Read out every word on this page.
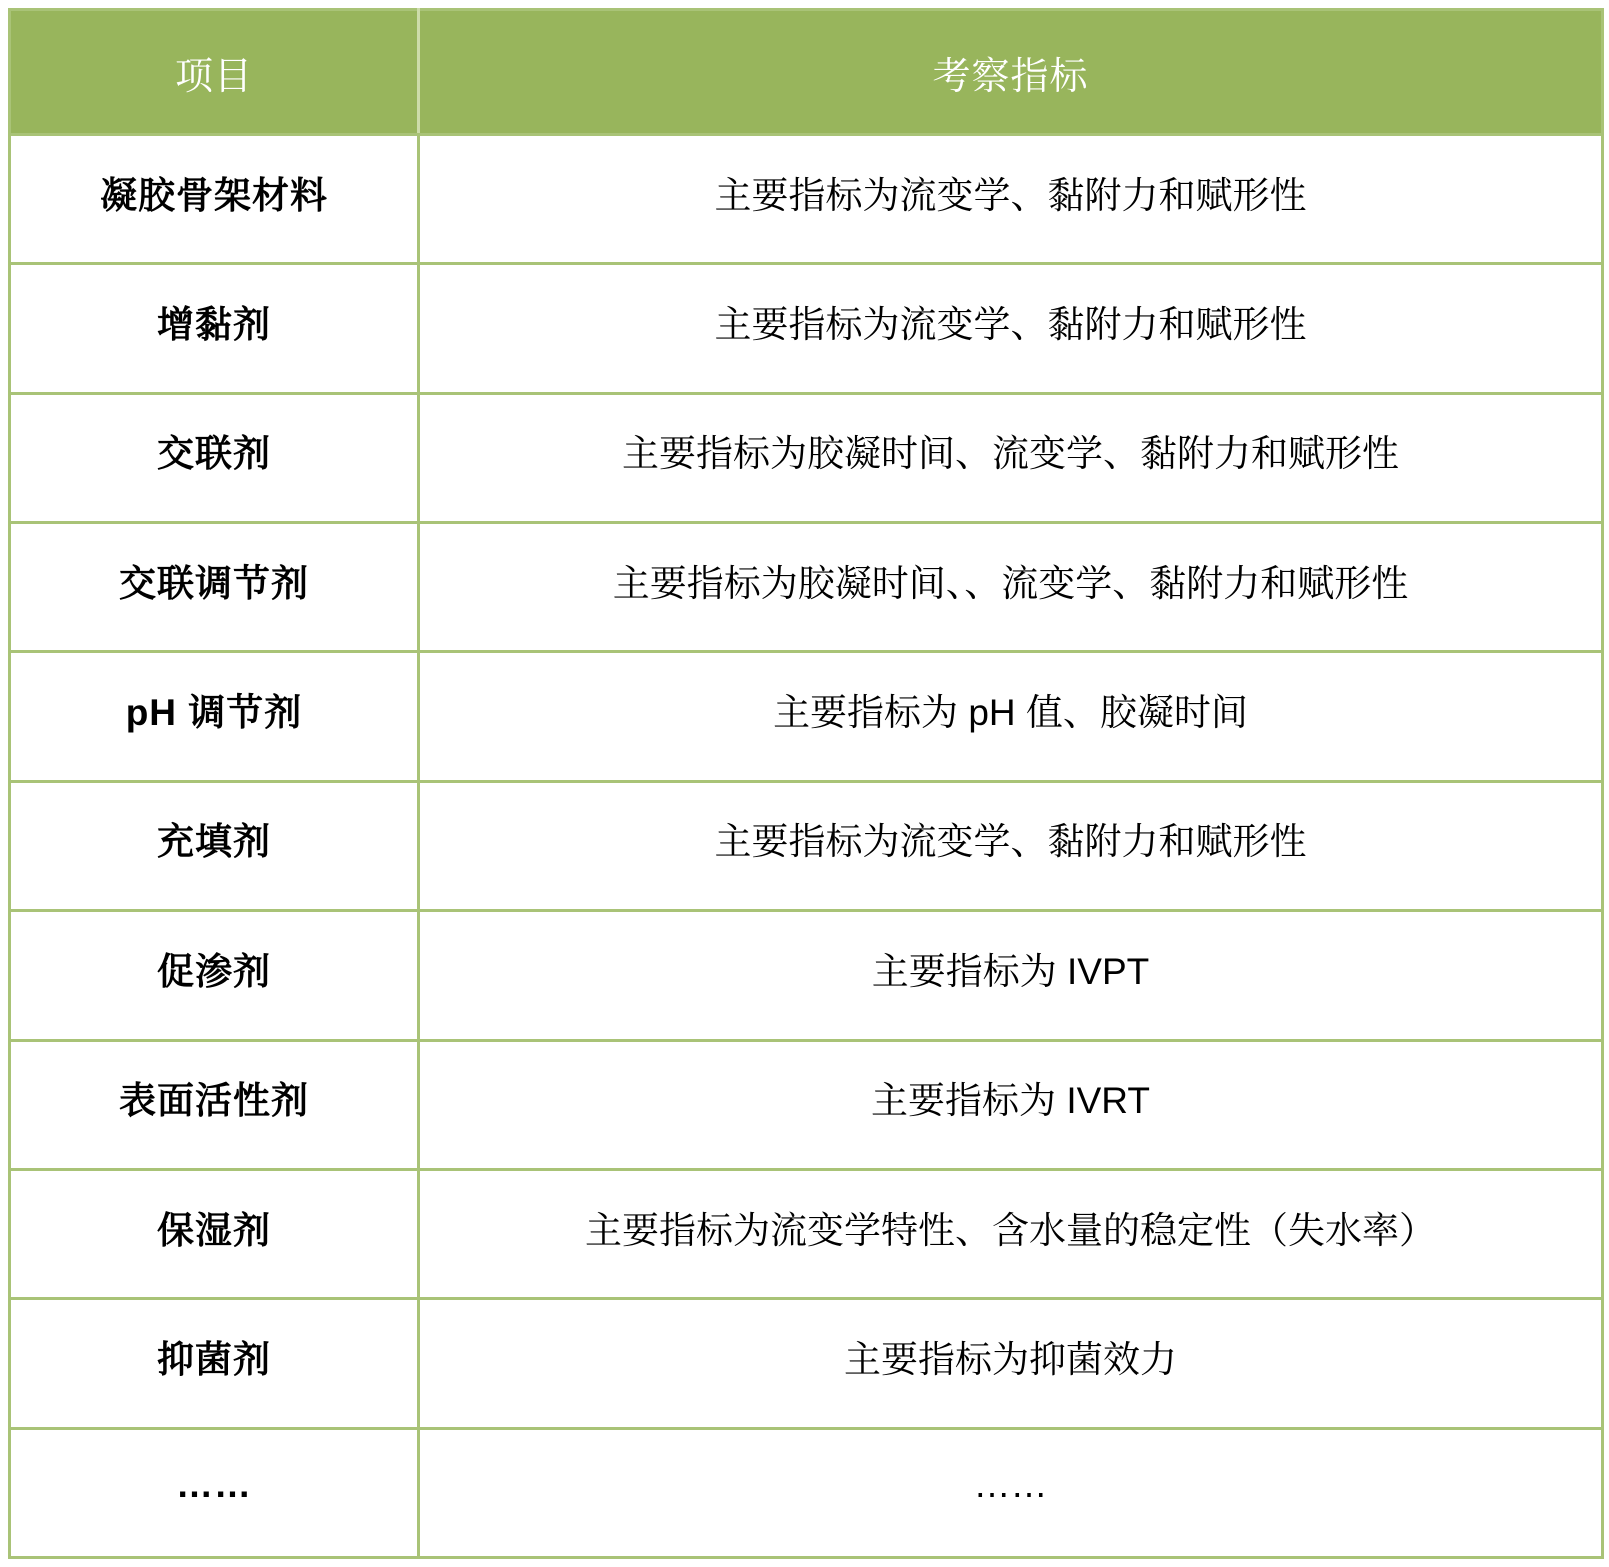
项目	考察指标
凝胶骨架材料	主要指标为流变学、黏附力和赋形性
增黏剂	主要指标为流变学、黏附力和赋形性
交联剂	主要指标为胶凝时间、流变学、黏附力和赋形性
交联调节剂	主要指标为胶凝时间、、流变学、黏附力和赋形性
pH 调节剂	主要指标为 pH 值、胶凝时间
充填剂	主要指标为流变学、黏附力和赋形性
促渗剂	主要指标为 IVPT
表面活性剂	主要指标为 IVRT
保湿剂	主要指标为流变学特性、含水量的稳定性（失水率）
抑菌剂	主要指标为抑菌效力
……	……
